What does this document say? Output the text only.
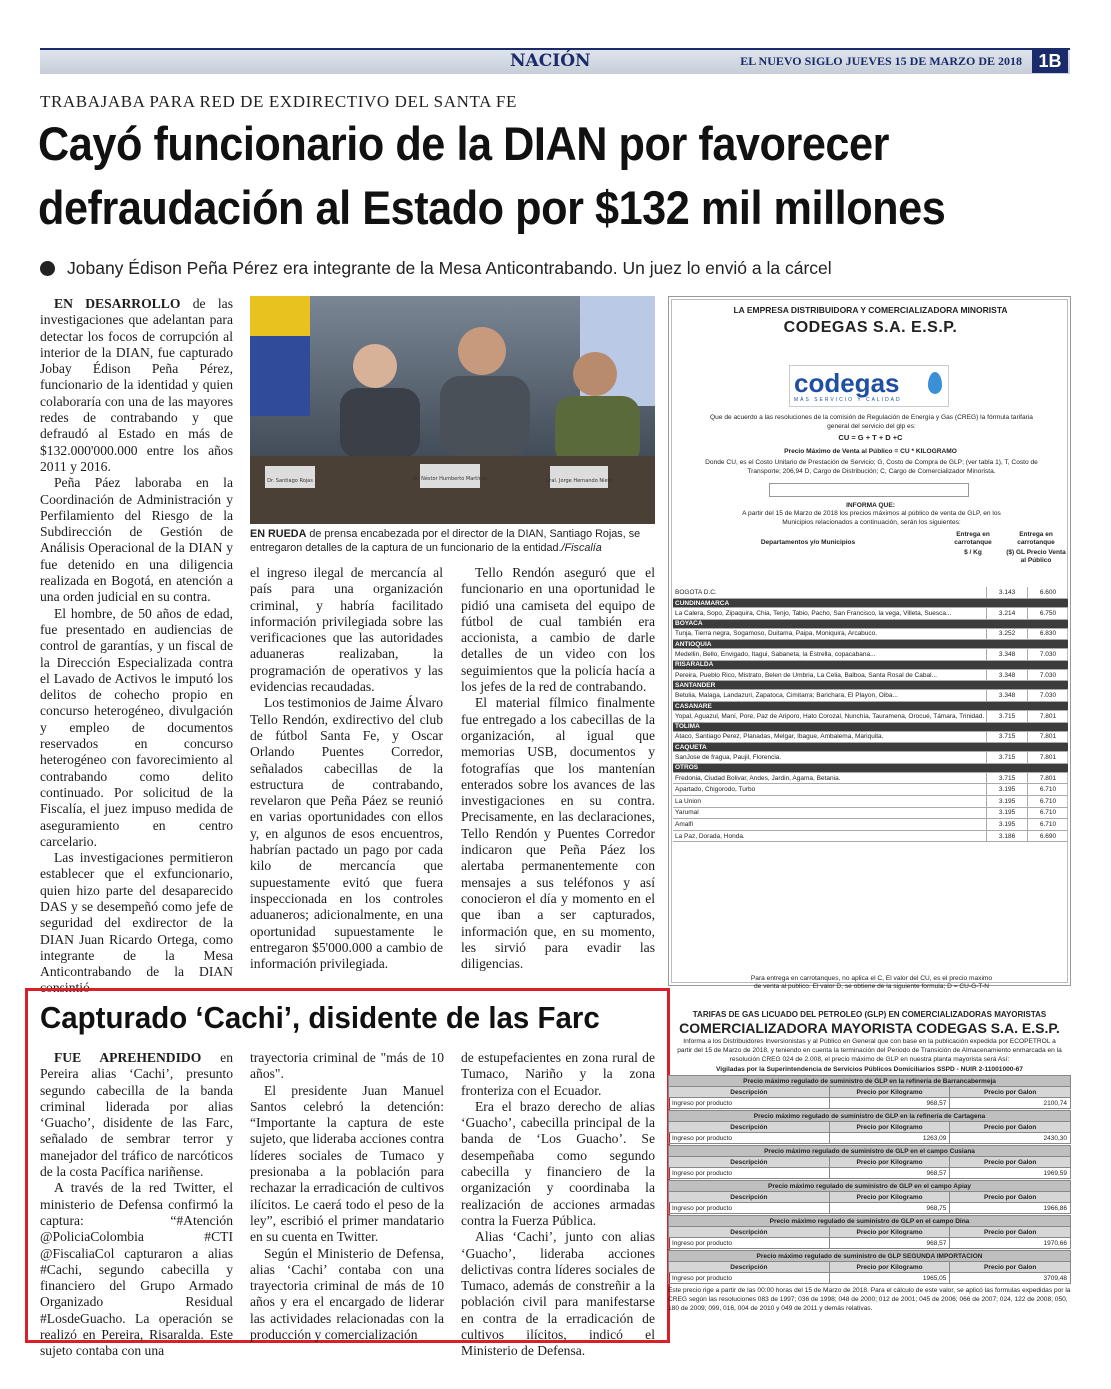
NACIÓN	EL NUEVO SIGLO JUEVES 15 DE MARZO DE 2018 1B
TRABAJABA PARA RED DE EXDIRECTIVO DEL SANTA FE
Cayó funcionario de la DIAN por favorecer
defraudación al Estado por $132 mil millones
Jobany Édison Peña Pérez era integrante de la Mesa Anticontrabando. Un juez lo envió a la cárcel

EN DESARROLLO de las investigaciones que adelantan para detectar los focos de corrupción al interior de la DIAN, fue capturado Jobay Édison Peña Pérez, funcionario de la identidad y quien colaboraría con una de las mayores redes de contrabando y que defraudó al Estado en más de $132.000'000.000 entre los años 2011 y 2016.

Peña Páez laboraba en la Coordinación de Administración y Perfilamiento del Riesgo de la Subdirección de Gestión de Análisis Operacional de la DIAN y fue detenido en una diligencia realizada en Bogotá, en atención a una orden judicial en su contra.

El hombre, de 50 años de edad, fue presentado en audiencias de control de garantías, y un fiscal de la Dirección Especializada contra el Lavado de Activos le imputó los delitos de cohecho propio en concurso heterogéneo, divulgación y empleo de documentos reservados en concurso heterogéneo con favorecimiento al contrabando como delito continuado. Por solicitud de la Fiscalía, el juez impuso medida de aseguramiento en centro carcelario.

Las investigaciones permitieron establecer que el exfuncionario, quien hizo parte del desaparecido DAS y se desempeñó como jefe de seguridad del exdirector de la DIAN Juan Ricardo Ortega, como integrante de la Mesa Anticontrabando de la DIAN consintió

Dr. Santiago Rojas	Dr. Néstor Humberto Martínez	Gral. Jorge Hernando Nieto
EN RUEDA de prensa encabezada por el director de la DIAN, Santiago Rojas, se entregaron detalles de la captura de un funcionario de la entidad./Fiscalía

el ingreso ilegal de mercancía al país para una organización criminal, y habría facilitado información privilegiada sobre las verificaciones que las autoridades aduaneras realizaban, la programación de operativos y las evidencias recaudadas.

Los testimonios de Jaime Álvaro Tello Rendón, exdirectivo del club de fútbol Santa Fe, y Oscar Orlando Puentes Corredor, señalados cabecillas de la estructura de contrabando, revelaron que Peña Páez se reunió en varias oportunidades con ellos y, en algunos de esos encuentros, habrían pactado un pago por cada kilo de mercancía que supuestamente evitó que fuera inspeccionada en los controles aduaneros; adicionalmente, en una oportunidad supuestamente le entregaron $5'000.000 a cambio de información privilegiada.

Tello Rendón aseguró que el funcionario en una oportunidad le pidió una camiseta del equipo de fútbol de cual también era accionista, a cambio de darle detalles de un video con los seguimientos que la policía hacía a los jefes de la red de contrabando.

El material fílmico finalmente fue entregado a los cabecillas de la organización, al igual que memorias USB, documentos y fotografías que los mantenían enterados sobre los avances de las investigaciones en su contra. Precisamente, en las declaraciones, Tello Rendón y Puentes Corredor indicaron que Peña Páez los alertaba permanentemente con mensajes a sus teléfonos y así conocieron el día y momento en el que iban a ser capturados, información que, en su momento, les sirvió para evadir las diligencias.

Capturado ‘Cachi’, disidente de las Farc

FUE APREHENDIDO en Pereira alias ‘Cachi’, presunto segundo cabecilla de la banda criminal liderada por alias ‘Guacho’, disidente de las Farc, señalado de sembrar terror y manejador del tráfico de narcóticos de la costa Pacífica nariñense.

A través de la red Twitter, el ministerio de Defensa confirmó la captura: “#Atención @PoliciaColombia #CTI @FiscaliaCol capturaron a alias #Cachi, segundo cabecilla y financiero del Grupo Armado Organizado Residual #LosdeGuacho. La operación se realizó en Pereira, Risaralda. Este sujeto contaba con una

trayectoria criminal de "más de 10 años".

El presidente Juan Manuel Santos celebró la detención: “Importante la captura de este sujeto, que lideraba acciones contra líderes sociales de Tumaco y presionaba a la población para rechazar la erradicación de cultivos ilícitos. Le caerá todo el peso de la ley”, escribió el primer mandatario en su cuenta en Twitter.

Según el Ministerio de Defensa, alias ‘Cachi’ contaba con una trayectoria criminal de más de 10 años y era el encargado de liderar las actividades relacionadas con la producción y comercialización

de estupefacientes en zona rural de Tumaco, Nariño y la zona fronteriza con el Ecuador.

Era el brazo derecho de alias ‘Guacho’, cabecilla principal de la banda de ‘Los Guacho’. Se desempeñaba como segundo cabecilla y financiero de la organización y coordinaba la realización de acciones armadas contra la Fuerza Pública.

Alias ‘Cachi’, junto con alias ‘Guacho’, lideraba acciones delictivas contra líderes sociales de Tumaco, además de constreñir a la población civil para manifestarse en contra de la erradicación de cultivos ilícitos, indicó el Ministerio de Defensa.

LA EMPRESA DISTRIBUIDORA Y COMERCIALIZADORA MINORISTA
CODEGAS S.A. E.S.P.
codegas
MÁS SERVICIO Y CALIDAD
Que de acuerdo a las resoluciones de la comisión de Regulación de Energía y Gas (CREG) la fórmula tarifaria general del servicio del glp es:
CU = G + T + D +C
Precio Máximo de Venta al Público = CU * KILOGRAMO
Donde CU, es el Costo Unitario de Prestación de Servicio; G, Costo de Compra de GLP; (ver tabla 1), T, Costo de Transporte; 206,94 D, Cargo de Distribución; C, Cargo de Comercializador Minorista.
INFORMA QUE:
A partir del 15 de Marzo de 2018 los precios máximos al público de venta de GLP, en los Municipios relacionados a continuación, serán los siguientes:
Departamentos y/o Municipios
Entrega en carrotanque
$ / Kg
Entrega en carrotanque
($) GL Precio Venta al Público
BOGOTA D.C.	3.143	6.600
CUNDINAMARCA		
La Calera, Sopo, Zipaquira, Chia, Tenjo, Tabio, Pacho, San Francisco, la vega, Villeta, Suesca...	3.214	6.750
BOYACA		
Tunja, Tierra negra, Sogamoso, Duitama, Paipa, Moniquira, Arcabuco.	3.252	6.830
ANTIOQUIA		
Medellin, Bello, Envigado, Itagui, Sabaneta, la Estrella, copacabana...	3.348	7.030
RISARALDA		
Pereira, Pueblo Rico, Mistrato, Belen de Umbria, La Celia, Balboa, Santa Rosal de Cabal...	3.348	7.030
SANTANDER		
Betulia, Malaga, Landazuri, Zapatoca, Cimitarra; Barichara, El Playon, Oiba...	3.348	7.030
CASANARE		
Yopal, Aguazul, Maní, Pore, Paz de Ariporo, Hato Corozal, Nunchía, Tauramena, Orocué, Támara, Trinidad.	3.715	7.801
TOLIMA		
Ataco, Santiago Perez, Planadas, Melgar, Ibague, Ambalema, Mariquita.	3.715	7.801
CAQUETA		
SanJose de fragua, Paujil, Florencia.	3.715	7.801
OTROS		
Fredonia, Ciudad Bolivar, Andes, Jardin, Agama, Betania.	3.715	7.801
Apartado, Chigorodo, Turbo	3.195	6.710
La Union	3.195	6.710
Yarumal	3.195	6.710
Amalfi	3.195	6.710
La Paz, Dorada, Honda.	3.186	6.690
Para entrega en carrotanques, no aplica el C, El valor del CU, es el precio maximo de venta al publico. El valor D, se obtiene de la siguiente formula; D = CU-G-T-N
TARIFAS DE GAS LICUADO DEL PETROLEO (GLP) EN COMERCIALIZADORAS MAYORISTAS
COMERCIALIZADORA MAYORISTA CODEGAS S.A. E.S.P.
Informa a los Distribuidores Inversionistas y al Público en General que con base en la publicación expedida por ECOPETROL a partir del 15 de Marzo de 2018, y teniendo en cuenta la terminación del Periodo de Transición de Almacenamiento enmarcada en la resolución CREG 024 de 2.008, el precio máximo de GLP en nuestra planta mayorista será Así:
Vigiladas por la Superintendencia de Servicios Públicos Domiciliarios SSPD - NUIR 2-11001000-67
Precio máximo regulado de suministro de GLP en la refinería de Barrancabermeja		
Descripción	Precio por Kilogramo	Precio por Galon
Ingreso por producto	968,57	2100,74
Precio máximo regulado de suministro de GLP en la refinería de Cartagena		
Descripción	Precio por Kilogramo	Precio por Galon
Ingreso por producto	1263,09	2430,30
Precio máximo regulado de suministro de GLP en el campo Cusiana		
Descripción	Precio por Kilogramo	Precio por Galon
Ingreso por producto	968,57	1969,59
Precio máximo regulado de suministro de GLP en el campo Apiay		
Descripción	Precio por Kilogramo	Precio por Galon
Ingreso por producto	968,75	1966,86
Precio máximo regulado de suministro de GLP en el campo Dina		
Descripción	Precio por Kilogramo	Precio por Galon
Ingreso por producto	968,57	1970,66
Precio máximo regulado de suministro de GLP SEGUNDA IMPORTACION		
Descripción	Precio por Kilogramo	Precio por Galon
Ingreso por producto	1965,05	3709,48
Este precio rige a partir de las 00:00 horas del 15 de Marzo de 2018. Para el cálculo de este valor, se aplicó las formulas expedidas por la CREG según las resoluciones 083 de 1997; 036 de 1998; 048 de 2000; 012 de 2001; 045 de 2006; 066 de 2007; 024, 122 de 2008; 050, 180 de 2009; 099, 016, 004 de 2010 y 049 de 2011 y demás relativas.
